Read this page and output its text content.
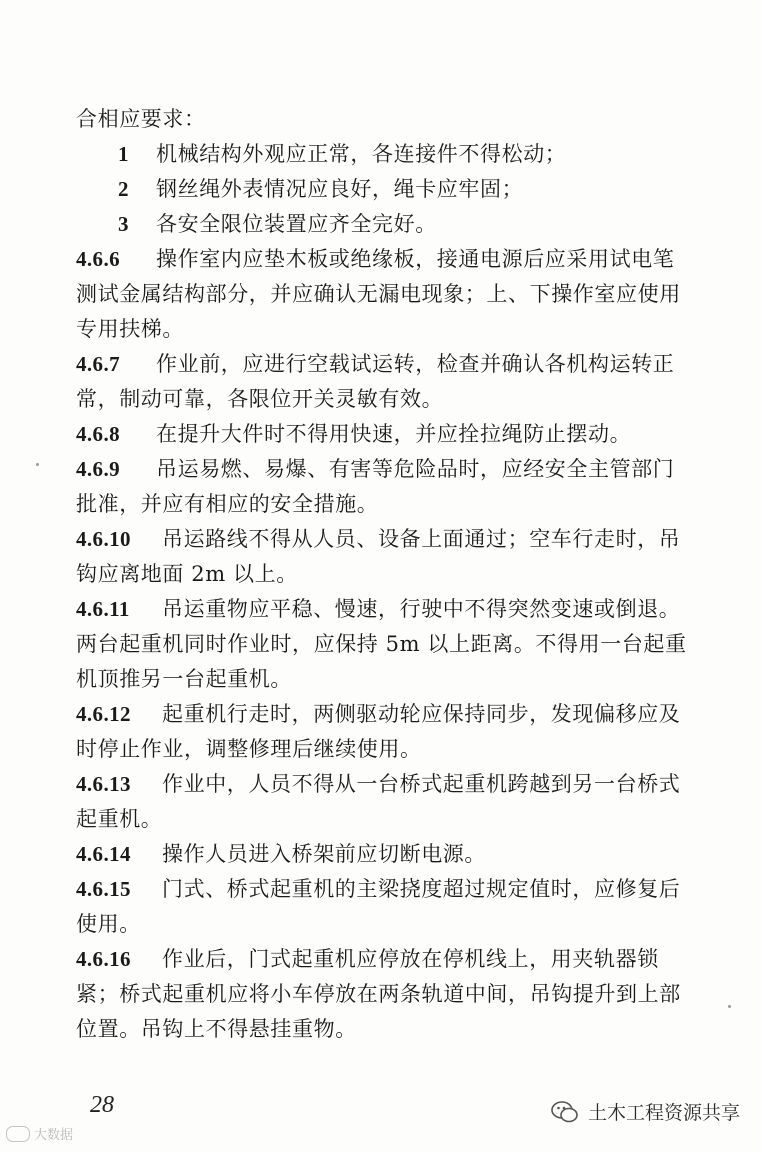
合相应要求：
1 机械结构外观应正常，各连接件不得松动；
2 钢丝绳外表情况应良好，绳卡应牢固；
3 各安全限位装置应齐全完好。
4.6.6 操作室内应垫木板或绝缘板，接通电源后应采用试电笔
测试金属结构部分，并应确认无漏电现象；上、下操作室应使用
专用扶梯。
4.6.7 作业前，应进行空载试运转，检查并确认各机构运转正
常，制动可靠，各限位开关灵敏有效。
4.6.8 在提升大件时不得用快速，并应拴拉绳防止摆动。
4.6.9 吊运易燃、易爆、有害等危险品时，应经安全主管部门
批准，并应有相应的安全措施。
4.6.10 吊运路线不得从人员、设备上面通过；空车行走时，吊
钩应离地面 2m 以上。
4.6.11 吊运重物应平稳、慢速，行驶中不得突然变速或倒退。
两台起重机同时作业时，应保持 5m 以上距离。不得用一台起重
机顶推另一台起重机。
4.6.12 起重机行走时，两侧驱动轮应保持同步，发现偏移应及
时停止作业，调整修理后继续使用。
4.6.13 作业中，人员不得从一台桥式起重机跨越到另一台桥式
起重机。
4.6.14 操作人员进入桥架前应切断电源。
4.6.15 门式、桥式起重机的主梁挠度超过规定值时，应修复后
使用。
4.6.16 作业后，门式起重机应停放在停机线上，用夹轨器锁
紧；桥式起重机应将小车停放在两条轨道中间，吊钩提升到上部
位置。吊钩上不得悬挂重物。
28
大数据
土木工程资源共享
